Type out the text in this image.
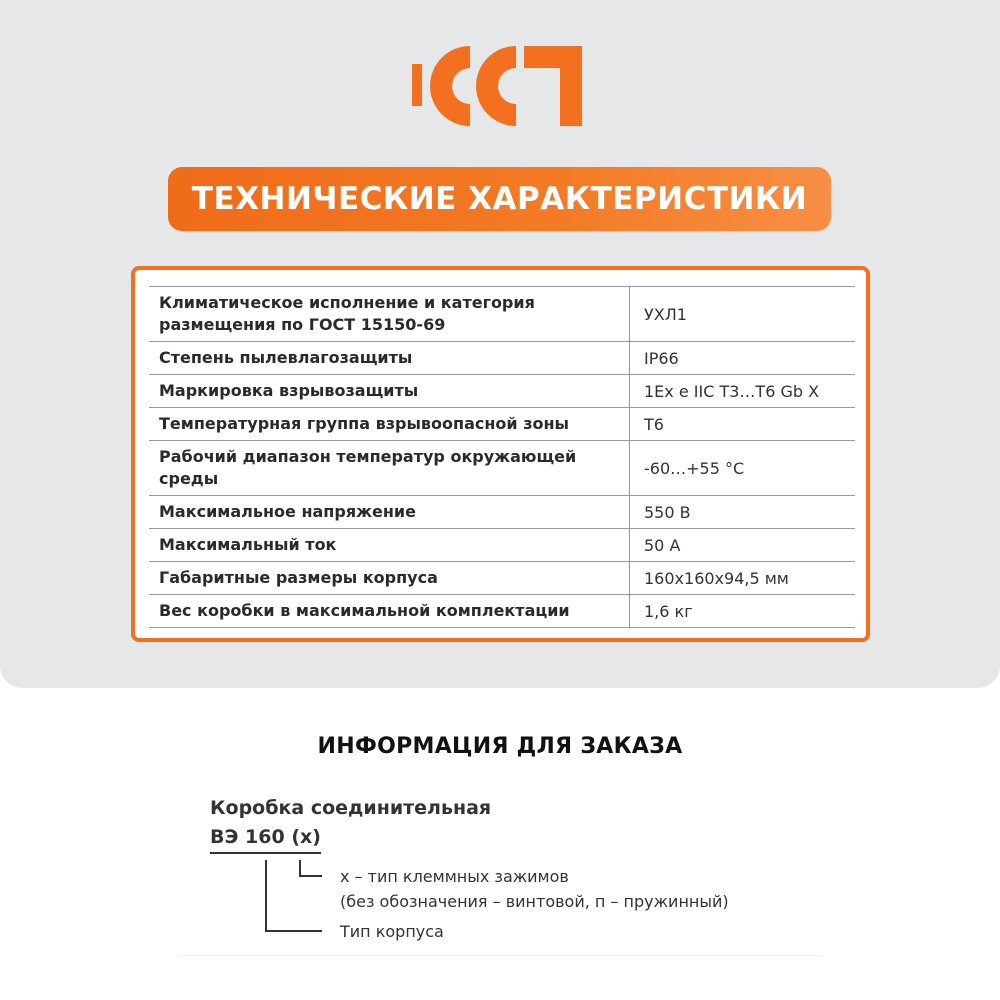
ТЕХНИЧЕСКИЕ ХАРАКТЕРИСТИКИ
Климатическое исполнение и категория размещения по ГОСТ 15150-69	УХЛ1
Степень пылевлагозащиты	IP66
Маркировка взрывозащиты	1Ex e IIC T3…T6 Gb X
Температурная группа взрывоопасной зоны	Т6
Рабочий диапазон температур окружающей среды	-60…+55 °С
Максимальное напряжение	550 В
Максимальный ток	50 А
Габаритные размеры корпуса	160х160х94,5 мм
Вес коробки в максимальной комплектации	1,6 кг
ИНФОРМАЦИЯ ДЛЯ ЗАКАЗА
Коробка соединительная
ВЭ 160 (х)
х – тип клеммных зажимов
(без обозначения – винтовой, п – пружинный)
Тип корпуса
